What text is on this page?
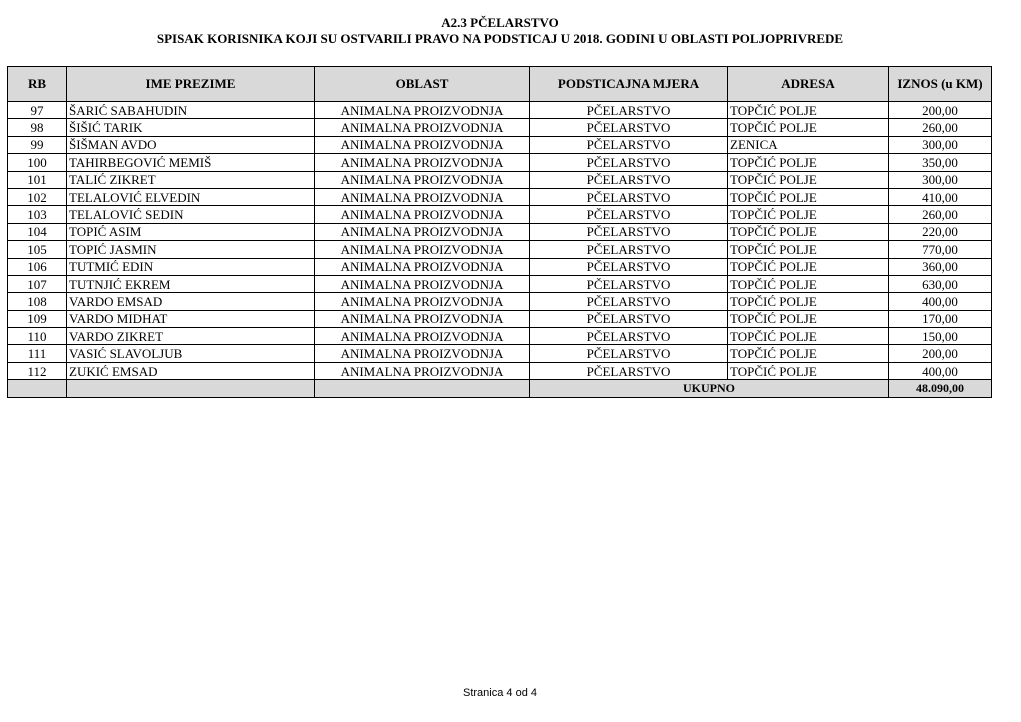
A2.3 PČELARSTVO
SPISAK KORISNIKA KOJI SU OSTVARILI PRAVO NA PODSTICAJ U 2018. GODINI U OBLASTI POLJOPRIVREDE
RB	IME PREZIME	OBLAST	PODSTICAJNA MJERA	ADRESA	IZNOS (u KM)
97	ŠARIĆ SABAHUDIN	ANIMALNA PROIZVODNJA	PČELARSTVO	TOPČIĆ POLJE	200,00
98	ŠIŠIĆ TARIK	ANIMALNA PROIZVODNJA	PČELARSTVO	TOPČIĆ POLJE	260,00
99	ŠIŠMAN AVDO	ANIMALNA PROIZVODNJA	PČELARSTVO	ZENICA	300,00
100	TAHIRBEGOVIĆ MEMIŠ	ANIMALNA PROIZVODNJA	PČELARSTVO	TOPČIĆ POLJE	350,00
101	TALIĆ ZIKRET	ANIMALNA PROIZVODNJA	PČELARSTVO	TOPČIĆ POLJE	300,00
102	TELALOVIĆ ELVEDIN	ANIMALNA PROIZVODNJA	PČELARSTVO	TOPČIĆ POLJE	410,00
103	TELALOVIĆ SEDIN	ANIMALNA PROIZVODNJA	PČELARSTVO	TOPČIĆ POLJE	260,00
104	TOPIĆ ASIM	ANIMALNA PROIZVODNJA	PČELARSTVO	TOPČIĆ POLJE	220,00
105	TOPIĆ JASMIN	ANIMALNA PROIZVODNJA	PČELARSTVO	TOPČIĆ POLJE	770,00
106	TUTMIĆ EDIN	ANIMALNA PROIZVODNJA	PČELARSTVO	TOPČIĆ POLJE	360,00
107	TUTNJIĆ EKREM	ANIMALNA PROIZVODNJA	PČELARSTVO	TOPČIĆ POLJE	630,00
108	VARDO EMSAD	ANIMALNA PROIZVODNJA	PČELARSTVO	TOPČIĆ POLJE	400,00
109	VARDO MIDHAT	ANIMALNA PROIZVODNJA	PČELARSTVO	TOPČIĆ POLJE	170,00
110	VARDO ZIKRET	ANIMALNA PROIZVODNJA	PČELARSTVO	TOPČIĆ POLJE	150,00
111	VASIĆ SLAVOLJUB	ANIMALNA PROIZVODNJA	PČELARSTVO	TOPČIĆ POLJE	200,00
112	ZUKIĆ EMSAD	ANIMALNA PROIZVODNJA	PČELARSTVO	TOPČIĆ POLJE	400,00
			UKUPNO		48.090,00
Stranica 4 od 4
